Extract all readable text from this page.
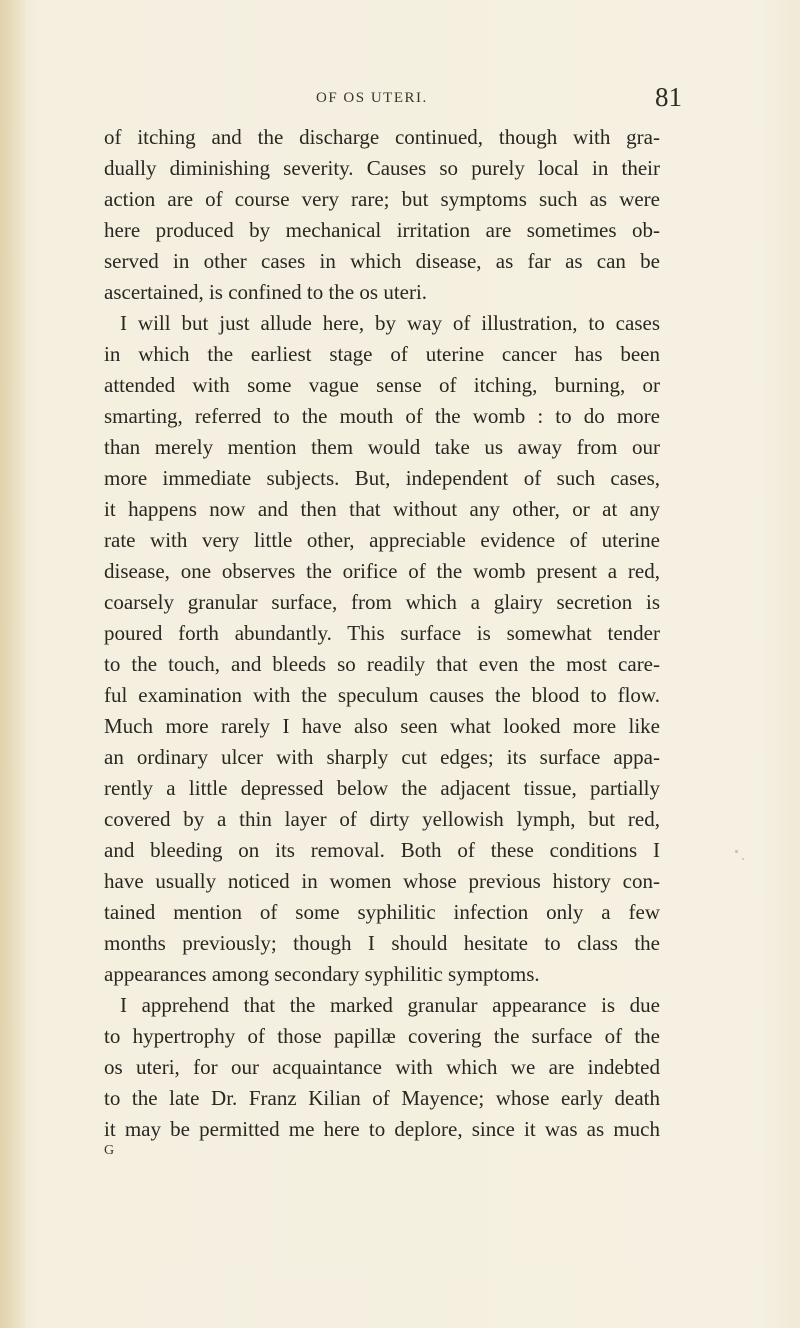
OF OS UTERI.	81
of itching and the discharge continued, though with gra-
dually diminishing severity. Causes so purely local in their
action are of course very rare; but symptoms such as were
here produced by mechanical irritation are sometimes ob-
served in other cases in which disease, as far as can be
ascertained, is confined to the os uteri.
I will but just allude here, by way of illustration, to cases
in which the earliest stage of uterine cancer has been
attended with some vague sense of itching, burning, or
smarting, referred to the mouth of the womb : to do more
than merely mention them would take us away from our
more immediate subjects. But, independent of such cases,
it happens now and then that without any other, or at any
rate with very little other, appreciable evidence of uterine
disease, one observes the orifice of the womb present a red,
coarsely granular surface, from which a glairy secretion is
poured forth abundantly. This surface is somewhat tender
to the touch, and bleeds so readily that even the most care-
ful examination with the speculum causes the blood to flow.
Much more rarely I have also seen what looked more like
an ordinary ulcer with sharply cut edges; its surface appa-
rently a little depressed below the adjacent tissue, partially
covered by a thin layer of dirty yellowish lymph, but red,
and bleeding on its removal. Both of these conditions I
have usually noticed in women whose previous history con-
tained mention of some syphilitic infection only a few
months previously; though I should hesitate to class the
appearances among secondary syphilitic symptoms.
I apprehend that the marked granular appearance is due
to hypertrophy of those papillæ covering the surface of the
os uteri, for our acquaintance with which we are indebted
to the late Dr. Franz Kilian of Mayence; whose early death
it may be permitted me here to deplore, since it was as much
G
